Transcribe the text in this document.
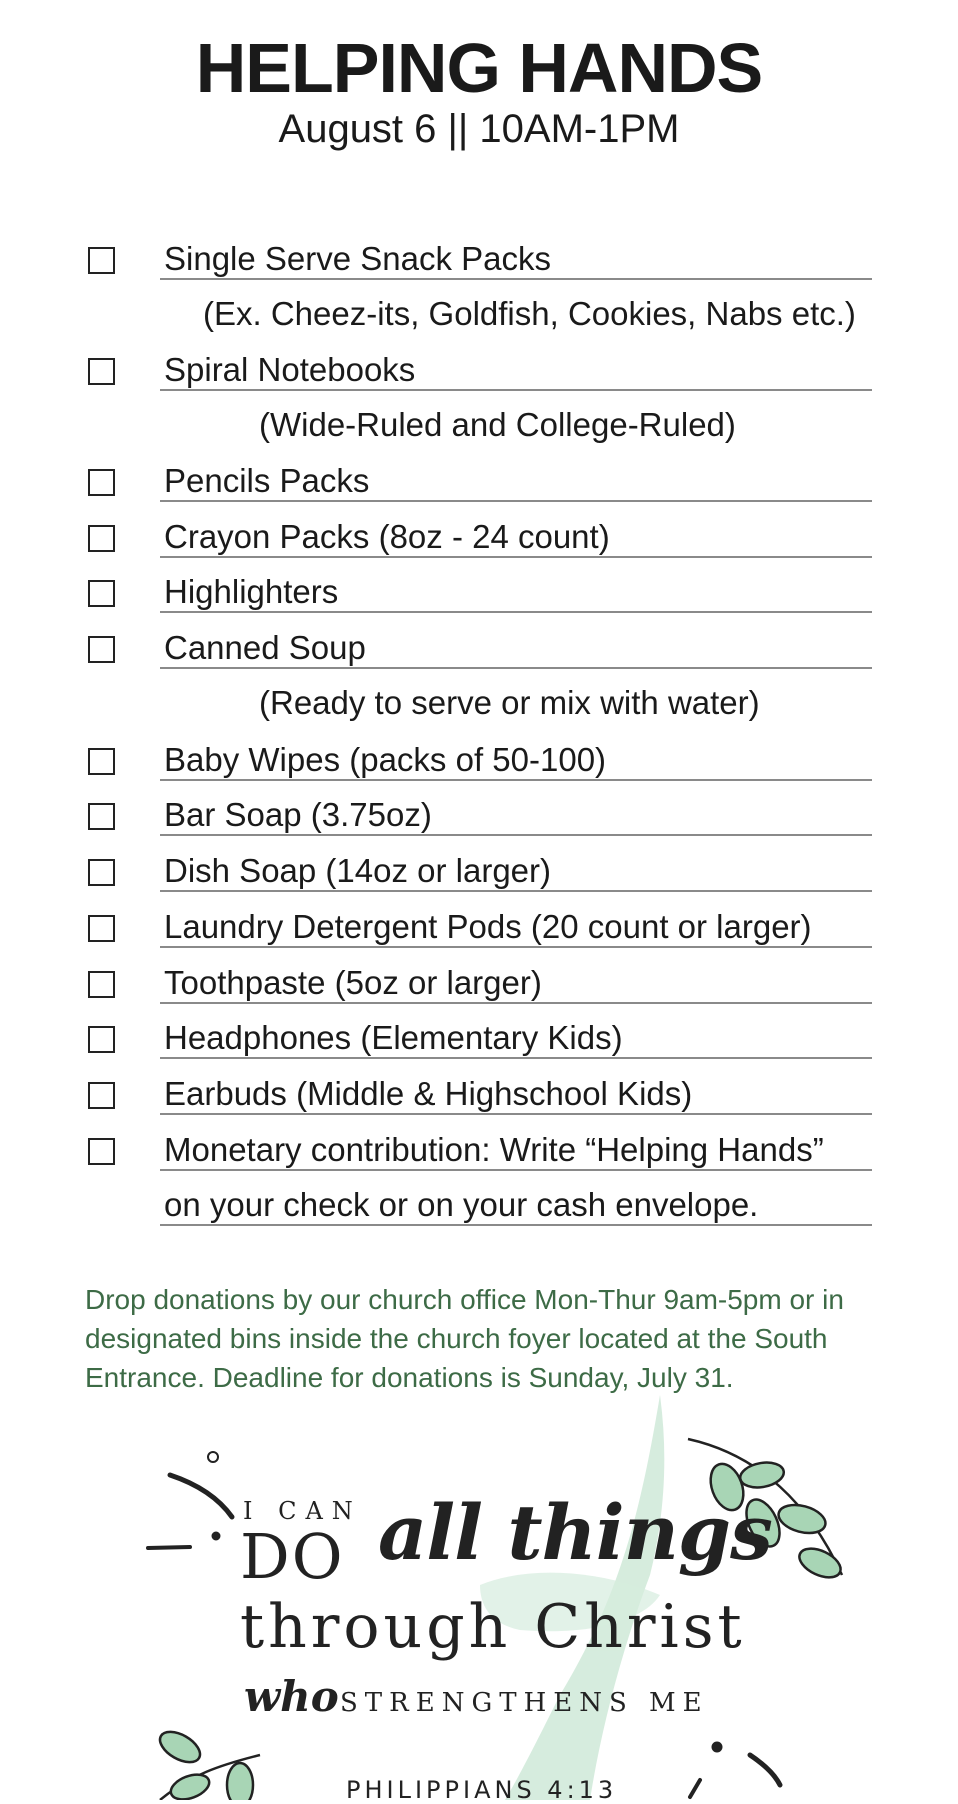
HELPING HANDS
August 6 || 10AM-1PM
Single Serve Snack Packs
(Ex. Cheez-its, Goldfish, Cookies, Nabs etc.)
Spiral Notebooks
(Wide-Ruled and College-Ruled)
Pencils Packs
Crayon Packs (8oz - 24 count)
Highlighters
Canned Soup
(Ready to serve or mix with water)
Baby Wipes (packs of 50-100)
Bar Soap (3.75oz)
Dish Soap (14oz or larger)
Laundry Detergent Pods (20 count or larger)
Toothpaste (5oz or larger)
Headphones (Elementary Kids)
Earbuds (Middle & Highschool Kids)
Monetary contribution: Write “Helping Hands”
on your check or on your cash envelope.
Drop donations by our church office Mon-Thur 9am-5pm or in designated bins inside the church foyer located at the South Entrance. Deadline for donations is Sunday, July 31.
I CAN
DO all things
through Christ
who STRENGTHENS ME
PHILIPPIANS 4:13
